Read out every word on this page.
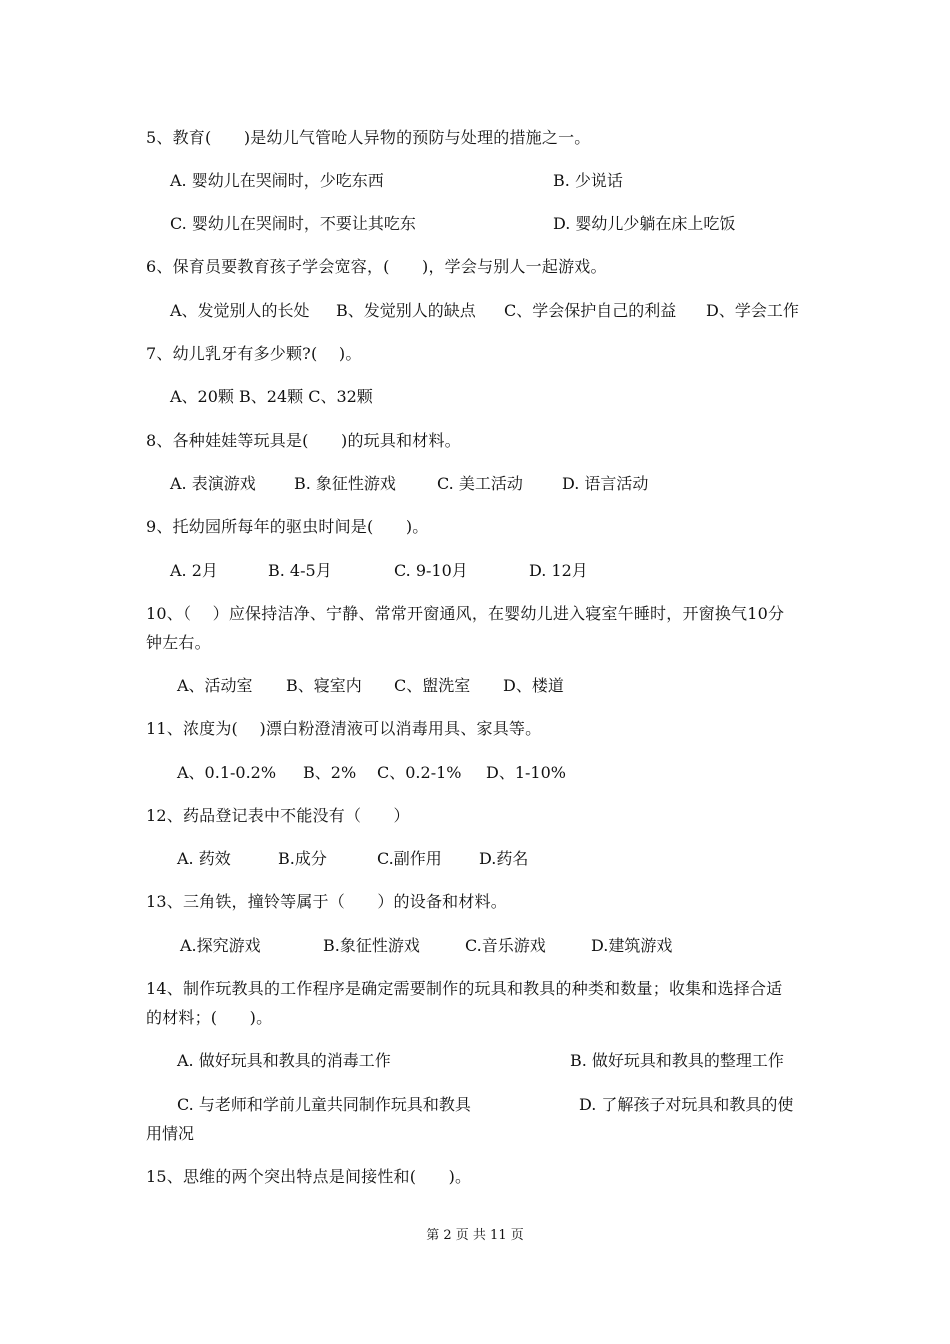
5、教育(　　)是幼儿气管呛人异物的预防与处理的措施之一。
A. 婴幼儿在哭闹时，少吃东西	B. 少说话
C. 婴幼儿在哭闹时，不要让其吃东	D. 婴幼儿少躺在床上吃饭
6、保育员要教育孩子学会宽容，(　　)，学会与别人一起游戏。
A、发觉别人的长处 B、发觉别人的缺点 C、学会保护自己的利益 D、学会工作
7、幼儿乳牙有多少颗?(　 )。
A、20颗 B、24颗 C、32颗
8、各种娃娃等玩具是(　　)的玩具和材料。
A. 表演游戏 B. 象征性游戏	C. 美工活动 D. 语言活动
9、托幼园所每年的驱虫时间是(　　)。
A. 2月	B. 4-5月	C. 9-10月	D. 12月
10、（　 ）应保持洁净、宁静、常常开窗通风，在婴幼儿进入寝室午睡时，开窗换气10分
钟左右。
A、活动室 B、寝室内 C、盥洗室 D、楼道
11、浓度为(　 )漂白粉澄清液可以消毒用具、家具等。
A、0.1-0.2% B、2% C、0.2-1% D、1-10%
12、药品登记表中不能没有（　　）
A. 药效	B.成分	C.副作用 D.药名
13、三角铁，撞铃等属于（　　）的设备和材料。
A.探究游戏	B.象征性游戏	C.音乐游戏	D.建筑游戏
14、制作玩教具的工作程序是确定需要制作的玩具和教具的种类和数量；收集和选择合适
的材料；(　　)。
A. 做好玩具和教具的消毒工作	B. 做好玩具和教具的整理工作
C. 与老师和学前儿童共同制作玩具和教具	D. 了解孩子对玩具和教具的使
用情况
15、思维的两个突出特点是间接性和(　　)。
第 2 页 共 11 页
